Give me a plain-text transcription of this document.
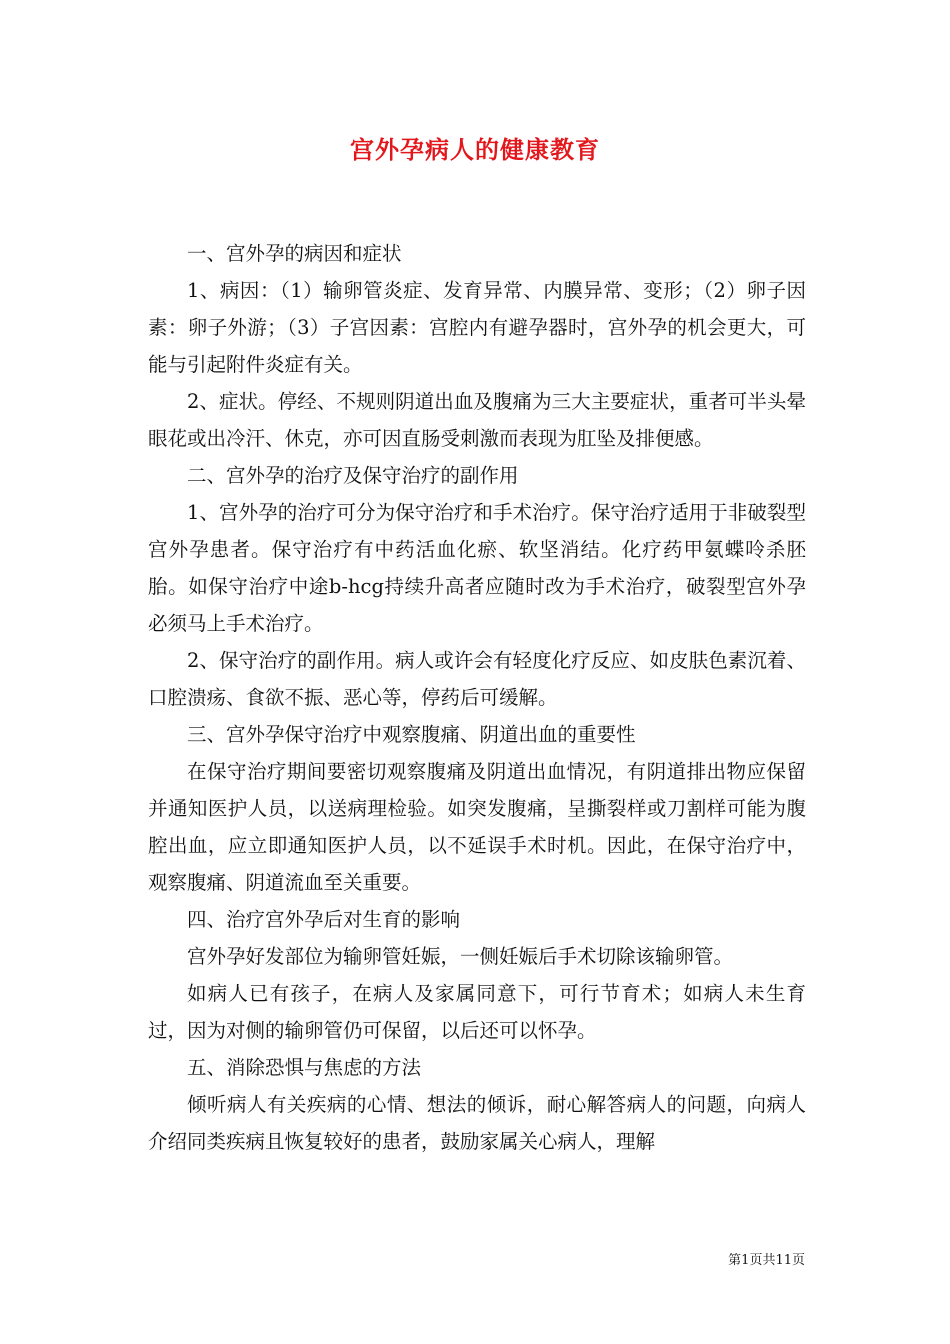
宫外孕病人的健康教育

一、宫外孕的病因和症状

1、病因：（1）输卵管炎症、发育异常、内膜异常、变形；（2）卵子因素：卵子外游；（3）子宫因素：宫腔内有避孕器时，宫外孕的机会更大，可能与引起附件炎症有关。

2、症状。停经、不规则阴道出血及腹痛为三大主要症状，重者可半头晕眼花或出冷汗、休克，亦可因直肠受刺激而表现为肛坠及排便感。

二、宫外孕的治疗及保守治疗的副作用

1、宫外孕的治疗可分为保守治疗和手术治疗。保守治疗适用于非破裂型宫外孕患者。保守治疗有中药活血化瘀、软坚消结。化疗药甲氨蝶呤杀胚胎。如保守治疗中途b-hcg持续升高者应随时改为手术治疗，破裂型宫外孕必须马上手术治疗。

2、保守治疗的副作用。病人或许会有轻度化疗反应、如皮肤色素沉着、口腔溃疡、食欲不振、恶心等，停药后可缓解。

三、宫外孕保守治疗中观察腹痛、阴道出血的重要性

在保守治疗期间要密切观察腹痛及阴道出血情况，有阴道排出物应保留并通知医护人员，以送病理检验。如突发腹痛，呈撕裂样或刀割样可能为腹腔出血，应立即通知医护人员，以不延误手术时机。因此，在保守治疗中，观察腹痛、阴道流血至关重要。

四、治疗宫外孕后对生育的影响

宫外孕好发部位为输卵管妊娠，一侧妊娠后手术切除该输卵管。

如病人已有孩子，在病人及家属同意下，可行节育术；如病人未生育过，因为对侧的输卵管仍可保留，以后还可以怀孕。

五、消除恐惧与焦虑的方法

倾听病人有关疾病的心情、想法的倾诉，耐心解答病人的问题，向病人介绍同类疾病且恢复较好的患者，鼓励家属关心病人，理解

第1页共11页
